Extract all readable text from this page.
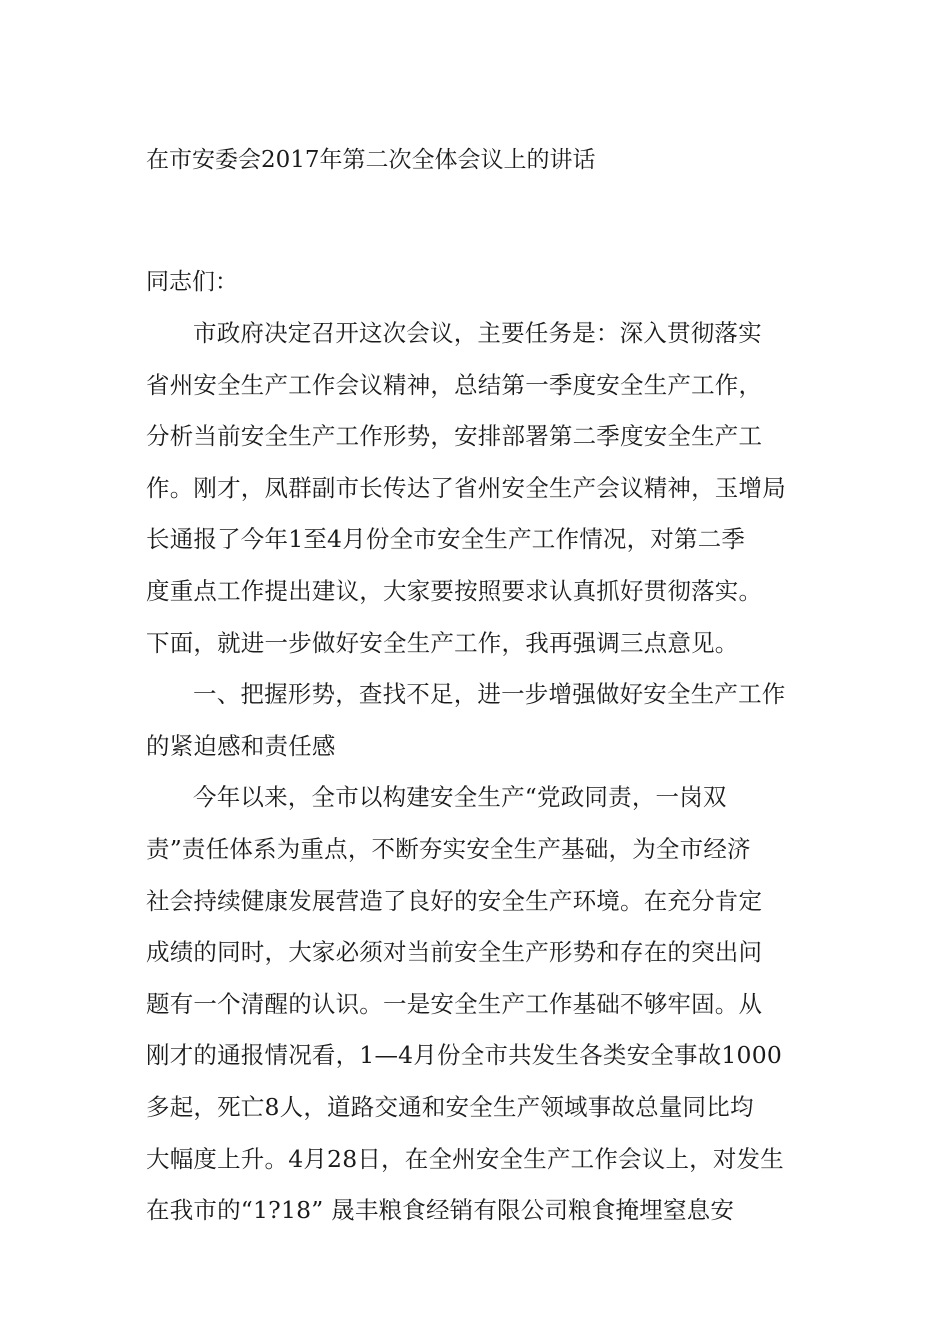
在市安委会2017年第二次全体会议上的讲话
同志们：
市政府决定召开这次会议，主要任务是：深入贯彻落实
省州安全生产工作会议精神，总结第一季度安全生产工作，
分析当前安全生产工作形势，安排部署第二季度安全生产工
作。刚才，凤群副市长传达了省州安全生产会议精神，玉增局
长通报了今年1至4月份全市安全生产工作情况，对第二季
度重点工作提出建议，大家要按照要求认真抓好贯彻落实。
下面，就进一步做好安全生产工作，我再强调三点意见。
一、把握形势，查找不足，进一步增强做好安全生产工作
的紧迫感和责任感
今年以来，全市以构建安全生产“党政同责，一岗双
责”责任体系为重点，不断夯实安全生产基础，为全市经济
社会持续健康发展营造了良好的安全生产环境。在充分肯定
成绩的同时，大家必须对当前安全生产形势和存在的突出问
题有一个清醒的认识。一是安全生产工作基础不够牢固。从
刚才的通报情况看，1—4月份全市共发生各类安全事故1000
多起，死亡8人，道路交通和安全生产领域事故总量同比均
大幅度上升。4月28日，在全州安全生产工作会议上，对发生
在我市的“1?18” 晟丰粮食经销有限公司粮食掩埋窒息安
